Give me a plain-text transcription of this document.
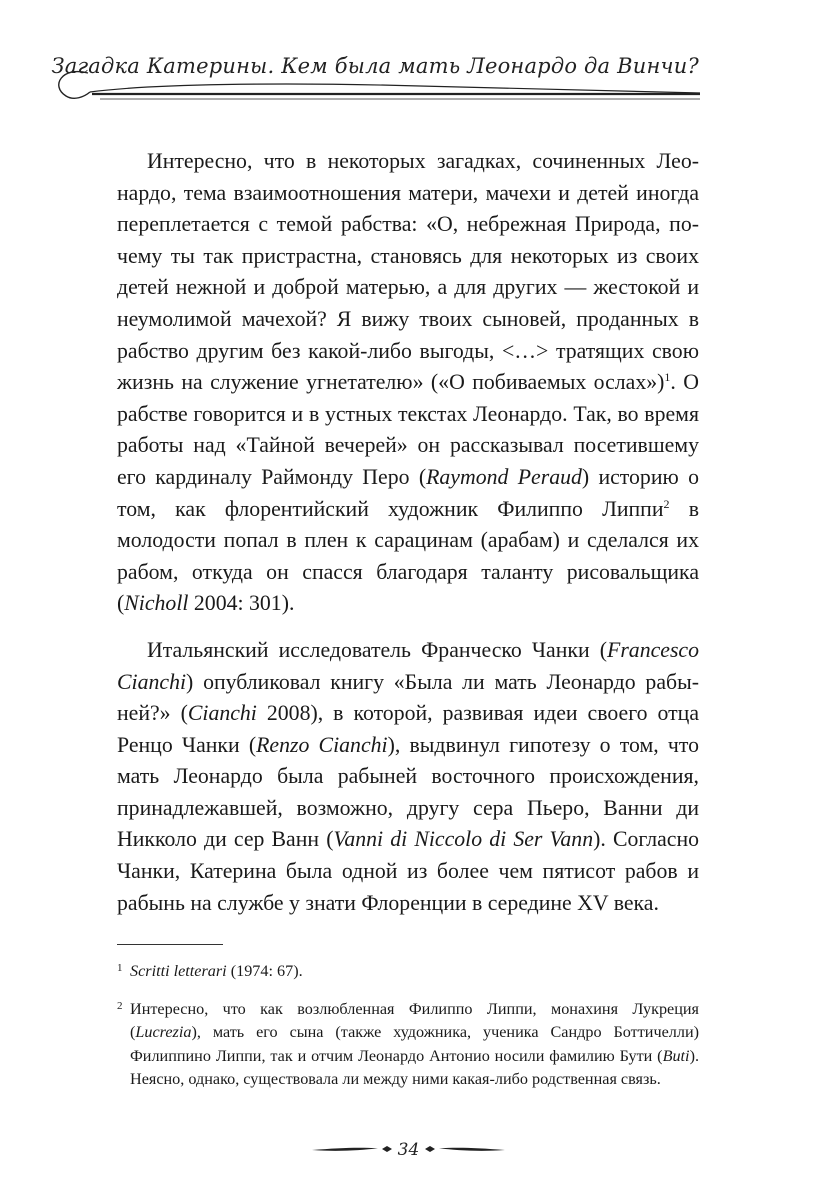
Загадка Катерины. Кем была мать Леонардо да Винчи?

Интересно, что в некоторых загадках, сочиненных Леонардо, тема взаимоотношения матери, мачехи и детей иногда переплетается с темой рабства: «О, небрежная Природа, почему ты так пристрастна, становясь для некоторых из своих детей нежной и доброй матерью, а для других — жестокой и неумолимой мачехой? Я вижу твоих сыновей, проданных в рабство другим без какой-либо выгоды, <…> тратящих свою жизнь на служение угнетателю» («О побиваемых ослах»)$^1$. О рабстве говорится и в устных текстах Леонардо. Так, во время работы над «Тайной вечерей» он рассказывал посетившему его кардиналу Раймонду Перо (Raymond Peraud) историю о том, как флорентийский художник Филиппо Липпи$^2$ в молодости попал в плен к сарацинам (арабам) и сделался их рабом, откуда он спасся благодаря таланту рисовальщика (Nicholl 2004: 301).

Итальянский исследователь Франческо Чанки (Francesco Cianchi) опубликовал книгу «Была ли мать Леонардо рабыней?» (Cianchi 2008), в которой, развивая идеи своего отца Ренцо Чанки (Renzo Cianchi), выдвинул гипотезу о том, что мать Леонардо была рабыней восточного происхождения, принадлежавшей, возможно, другу сера Пьеро, Ванни ди Никколо ди сер Ванн (Vanni di Niccolo di Ser Vann). Согласно Чанки, Катерина была одной из более чем пятисот рабов и рабынь на службе у знати Флоренции в середине XV века.

1 Scritti letterari (1974: 67).
2 Интересно, что как возлюбленная Филиппо Липпи, монахиня Лукреция (Lucrezia), мать его сына (также художника, ученика Сандро Боттичелли) Филиппино Липпи, так и отчим Леонардо Антонио носили фамилию Бути (Buti). Неясно, однако, существовала ли между ними какая-либо родственная связь.
34
